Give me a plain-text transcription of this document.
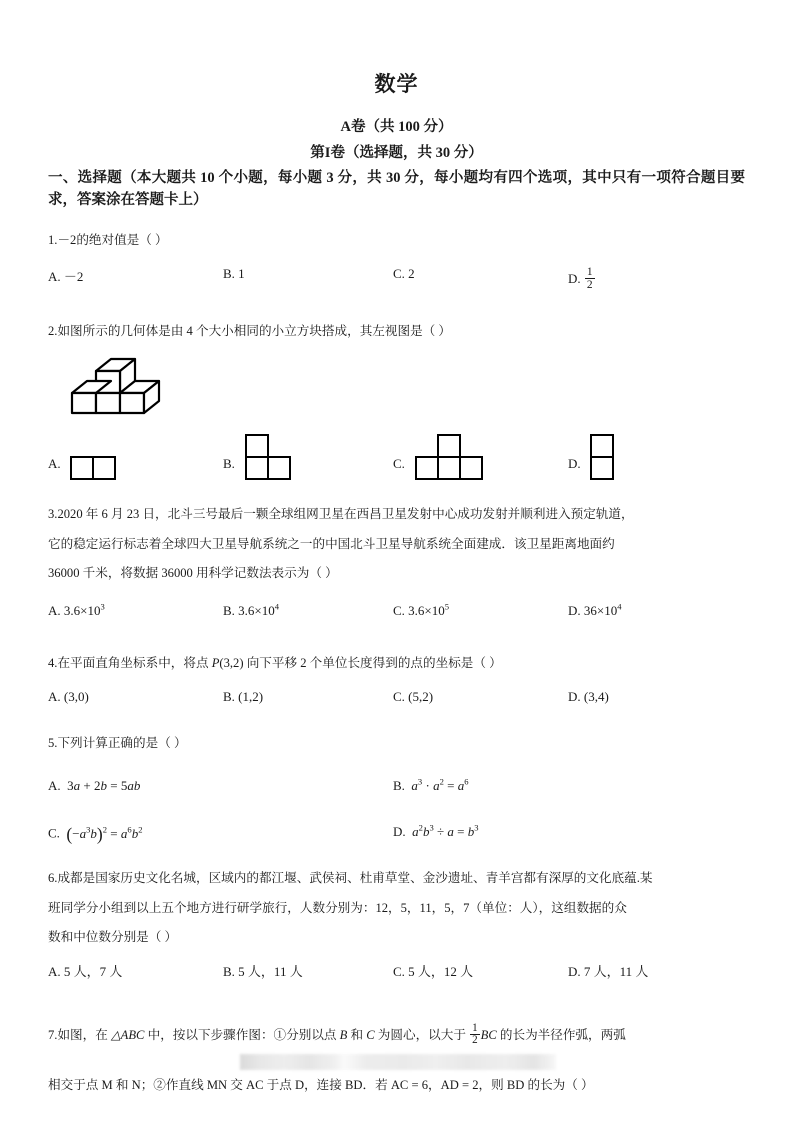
数学
A卷（共 100 分）
第I卷（选择题，共 30 分）
一、选择题（本大题共 10 个小题，每小题 3 分，共 30 分，每小题均有四个选项，其中只有一项符合题目要求，答案涂在答题卡上）
1.－2的绝对值是（ ）
A. －2	B. 1	C. 2	D. $\frac{1}{2}$
2.如图所示的几何体是由 4 个大小相同的小立方块搭成，其左视图是（ ）
A.	B.	C.	D.
3.2020 年 6 月 23 日，北斗三号最后一颗全球组网卫星在西昌卫星发射中心成功发射并顺利进入预定轨道，
它的稳定运行标志着全球四大卫星导航系统之一的中国北斗卫星导航系统全面建成．该卫星距离地面约
36000 千米，将数据 36000 用科学记数法表示为（ ）
A. $3.6\times 10^3$	B. $3.6\times 10^4$	C. $3.6\times 10^5$	D. $36\times 10^4$
4.在平面直角坐标系中，将点 P(3,2) 向下平移 2 个单位长度得到的点的坐标是（ ）
A. (3,0)	B. (1,2)	C. (5,2)	D. (3,4)
5.下列计算正确的是（ ）
A.  3a + 2b = 5ab	B. $a^3 \cdot a^2 = a^6$
C. $(-a^3b)^2 = a^6b^2$	D. $a^2b^3 \div a = b^3$
6.成都是国家历史文化名城，区域内的都江堰、武侯祠、杜甫草堂、金沙遗址、青羊宫都有深厚的文化底蕴.某
班同学分小组到以上五个地方进行研学旅行，人数分别为：12，5，11，5，7（单位：人），这组数据的众
数和中位数分别是（ ）
A. 5 人，7 人	B. 5 人，11 人	C. 5 人，12 人	D. 7 人，11 人
7.如图，在 △ABC 中，按以下步骤作图：①分别以点 B 和 C 为圆心，以大于 $\frac{1}{2}$ BC 的长为半径作弧，两弧
相交于点 M 和 N；②作直线 MN 交 AC 于点 D，连接 BD．若 AC = 6，AD = 2，则 BD 的长为（ ）
